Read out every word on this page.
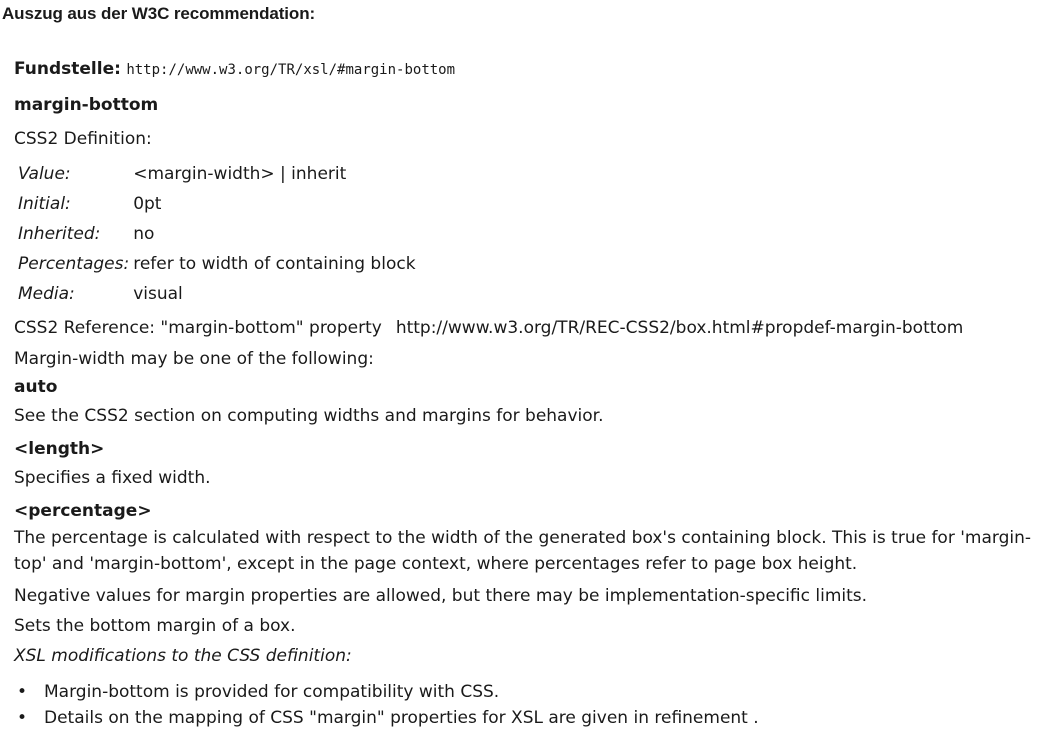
Auszug aus der W3C recommendation:
Fundstelle: http://www.w3.org/TR/xsl/#margin-bottom
margin-bottom
CSS2 Definition:
Value:	<margin-width> | inherit
Initial:	0pt
Inherited:	no
Percentages:	refer to width of containing block
Media:	visual
CSS2 Reference: "margin-bottom" property http://www.w3.org/TR/REC-CSS2/box.html#propdef-margin-bottom
Margin-width may be one of the following:
auto
See the CSS2 section on computing widths and margins for behavior.
<length>
Specifies a fixed width.
<percentage>
The percentage is calculated with respect to the width of the generated box's containing block. This is true for 'margin-top' and 'margin-bottom', except in the page context, where percentages refer to page box height.
Negative values for margin properties are allowed, but there may be implementation-specific limits.
Sets the bottom margin of a box.
XSL modifications to the CSS definition:
• Margin-bottom is provided for compatibility with CSS.
• Details on the mapping of CSS "margin" properties for XSL are given in refinement .
